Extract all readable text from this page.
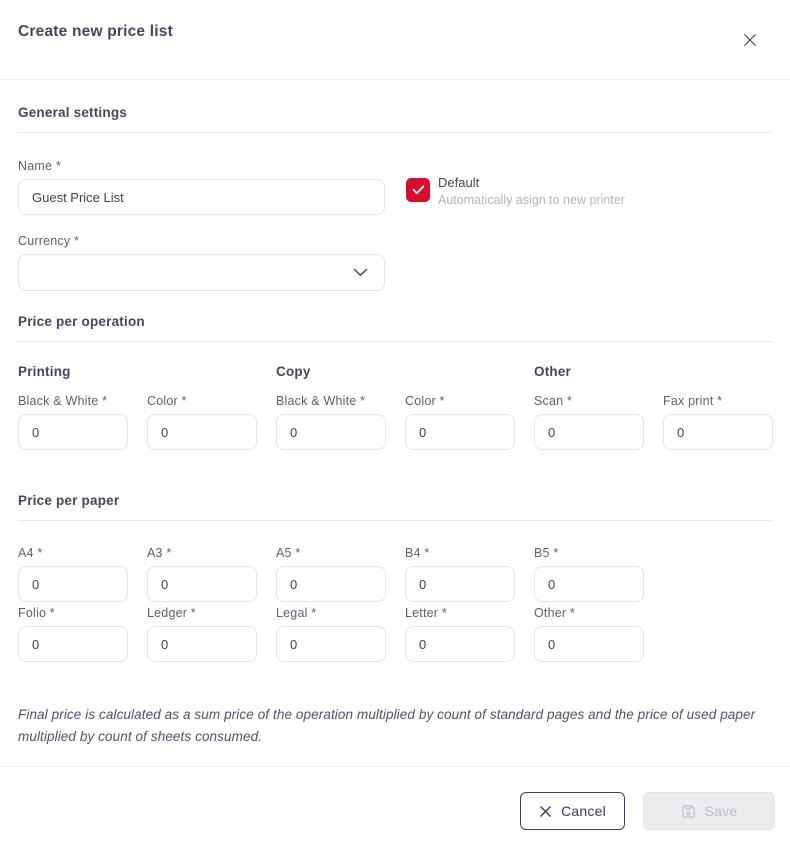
Create new price list
General settings
Name *
Guest Price List
Default
Automatically asign to new printer
Currency *
Price per operation
Printing	Copy	Other
Black & White *
0	Color *
0	Black & White *
0	Color *
0	Scan *
0	Fax print *
0
Price per paper
A4 *
0	A3 *
0	A5 *
0	B4 *
0	B5 *
0
Folio *
0	Ledger *
0	Legal *
0	Letter *
0	Other *
0

Final price is calculated as a sum price of the operation multiplied by count of standard pages and the price of used paper multiplied by count of sheets consumed.

Cancel	Save
